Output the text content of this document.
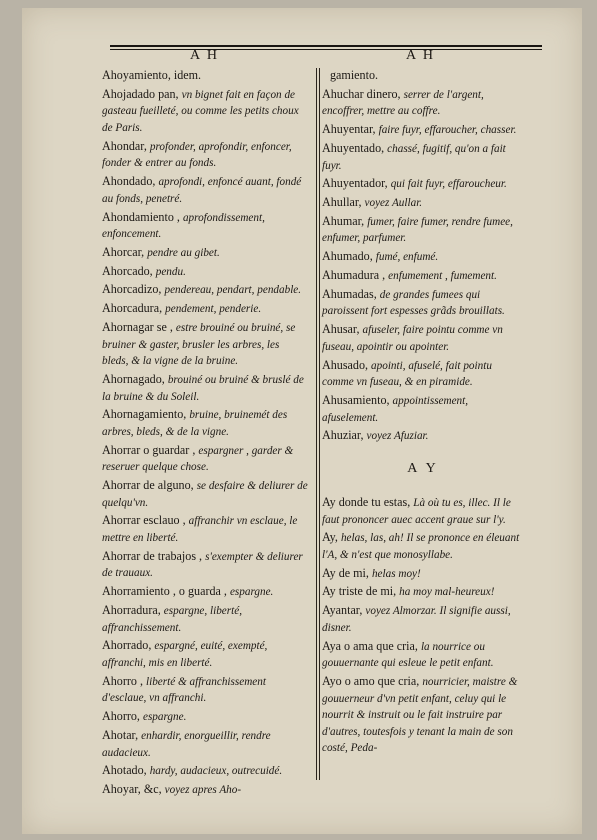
A H	A H
Ahoyamiento, idem.
Ahojadado pan, vn bignet fait en façon de gasteau fueilleté, ou comme les petits choux de Paris.
Ahondar, profonder, aprofondir, enfoncer, fonder & entrer au fonds.
Ahondado, aprofondi, enfoncé auant, fondé au fonds, penetré.
Ahondamiento , aprofondissement, enfoncement.
Ahorcar, pendre au gibet.
Ahorcado, pendu.
Ahorcadizo, pendereau, pendart, pendable.
Ahorcadura, pendement, penderie.
Ahornagar se , estre brouiné ou bruiné, se bruiner & gaster, brusler les arbres, les bleds, & la vigne de la bruine.
Ahornagado, brouiné ou bruiné & bruslé de la bruine & du Soleil.
Ahornagamiento, bruine, bruinemét des arbres, bleds, & de la vigne.
Ahorrar o guardar , espargner , garder & reseruer quelque chose.
Ahorrar de alguno, se desfaire & deliurer de quelqu'vn.
Ahorrar esclauo , affranchir vn esclaue, le mettre en liberté.
Ahorrar de trabajos , s'exempter & deliurer de trauaux.
Ahorramiento , o guarda , espargne.
Ahorradura, espargne, liberté, affranchissement.
Ahorrado, espargné, euité, exempté, affranchi, mis en liberté.
Ahorro , liberté & affranchissement d'esclaue, vn affranchi.
Ahorro, espargne.
Ahotar, enhardir, enorgueillir, rendre audacieux.
Ahotado, hardy, audacieux, outrecuidé.
Ahoyar, &c, voyez apres Aho-
gamiento.
Ahuchar dinero, serrer de l'argent, encoffrer, mettre au coffre.
Ahuyentar, faire fuyr, effaroucher, chasser.
Ahuyentado, chassé, fugitif, qu'on a fait fuyr.
Ahuyentador, qui fait fuyr, effaroucheur.
Ahullar, voyez Aullar.
Ahumar, fumer, faire fumer, rendre fumee, enfumer, parfumer.
Ahumado, fumé, enfumé.
Ahumadura , enfumement , fumement.
Ahumadas, de grandes fumees qui paroissent fort espesses grãds brouillats.
Ahusar, afuseler, faire pointu comme vn fuseau, apointir ou apointer.
Ahusado, apointi, afuselé, fait pointu comme vn fuseau, & en piramide.
Ahusamiento, appointissement, afuselement.
Ahuziar, voyez Afuziar.
A Y
Ay donde tu estas, Là où tu es, illec. Il le faut prononcer auec accent graue sur l'y.
Ay, helas, las, ah! Il se prononce en éleuant l'A, & n'est que monosyllabe.
Ay de mi, helas moy!
Ay triste de mi, ha moy mal-heureux!
Ayantar, voyez Almorzar. Il signifie aussi, disner.
Aya o ama que cria, la nourrice ou gouuernante qui esleue le petit enfant.
Ayo o amo que cria, nourricier, maistre & gouuerneur d'vn petit enfant, celuy qui le nourrit & instruit ou le fait instruire par d'autres, toutesfois y tenant la main de son costé, Peda-
